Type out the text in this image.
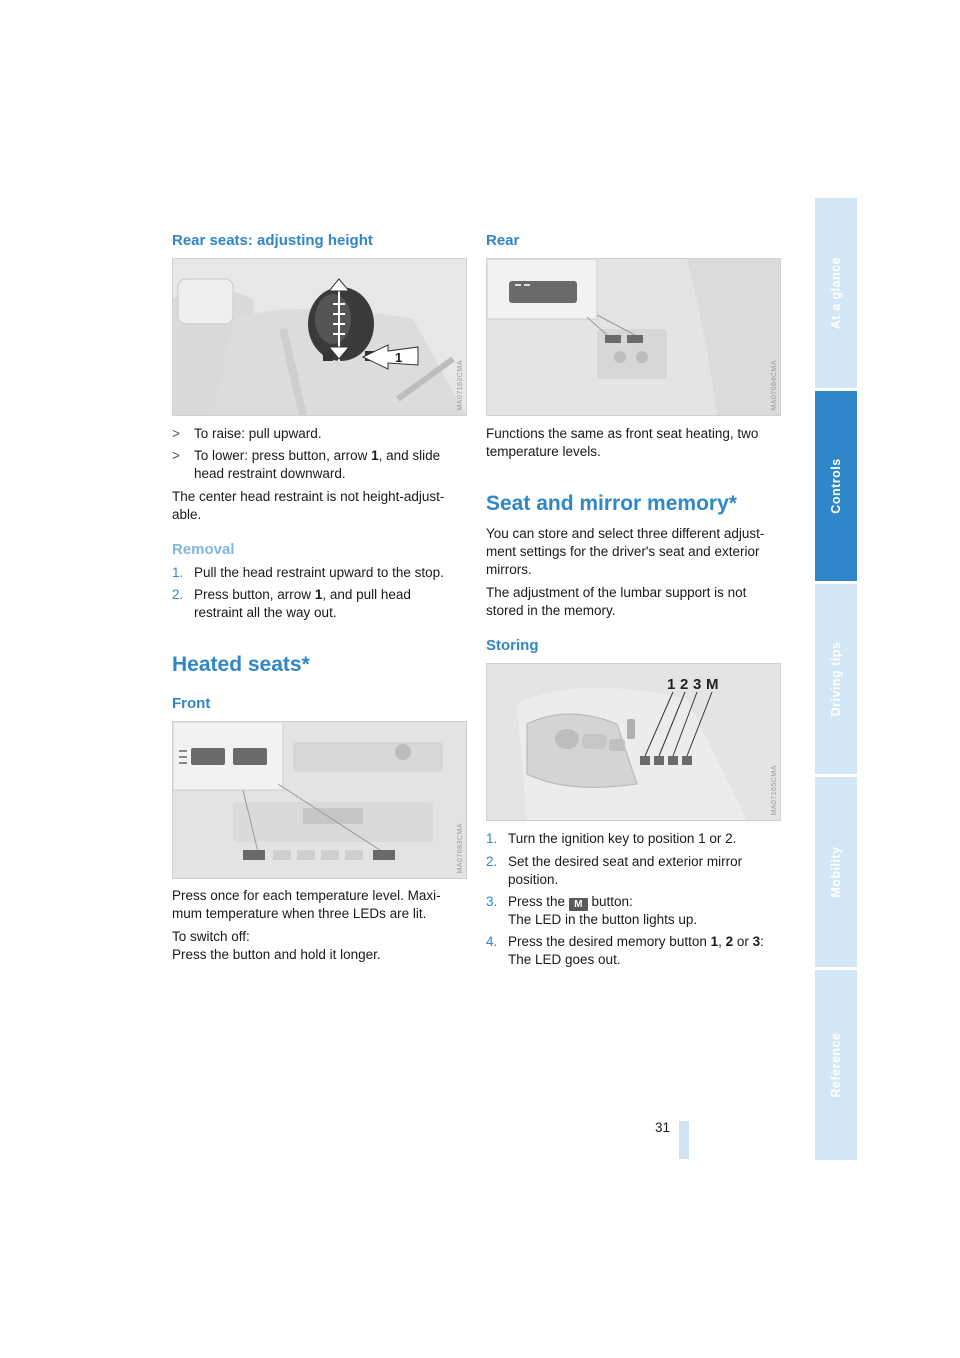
Rear seats: adjusting height
1
MA07162CMA
> To raise: pull upward.
> To lower: press button, arrow 1, and slide
head restraint downward.
The center head restraint is not height-adjust-
able.
Removal
1. Pull the head restraint upward to the stop.
2. Press button, arrow 1, and pull head
restraint all the way out.
Heated seats*
Front
MA07083CMA
Press once for each temperature level. Maxi-
mum temperature when three LEDs are lit.
To switch off:
Press the button and hold it longer.
Rear
MA07084CMA
Functions the same as front seat heating, two
temperature levels.
Seat and mirror memory*
You can store and select three different adjust-
ment settings for the driver's seat and exterior
mirrors.
The adjustment of the lumbar support is not
stored in the memory.
Storing
1 2 3 M
MA07165CMA
1. Turn the ignition key to position 1 or 2.
2. Set the desired seat and exterior mirror
position.
3. Press the M button:
The LED in the button lights up.
4. Press the desired memory button 1, 2 or 3:
The LED goes out.
31
At a glance
Controls
Driving tips
Mobility
Reference
